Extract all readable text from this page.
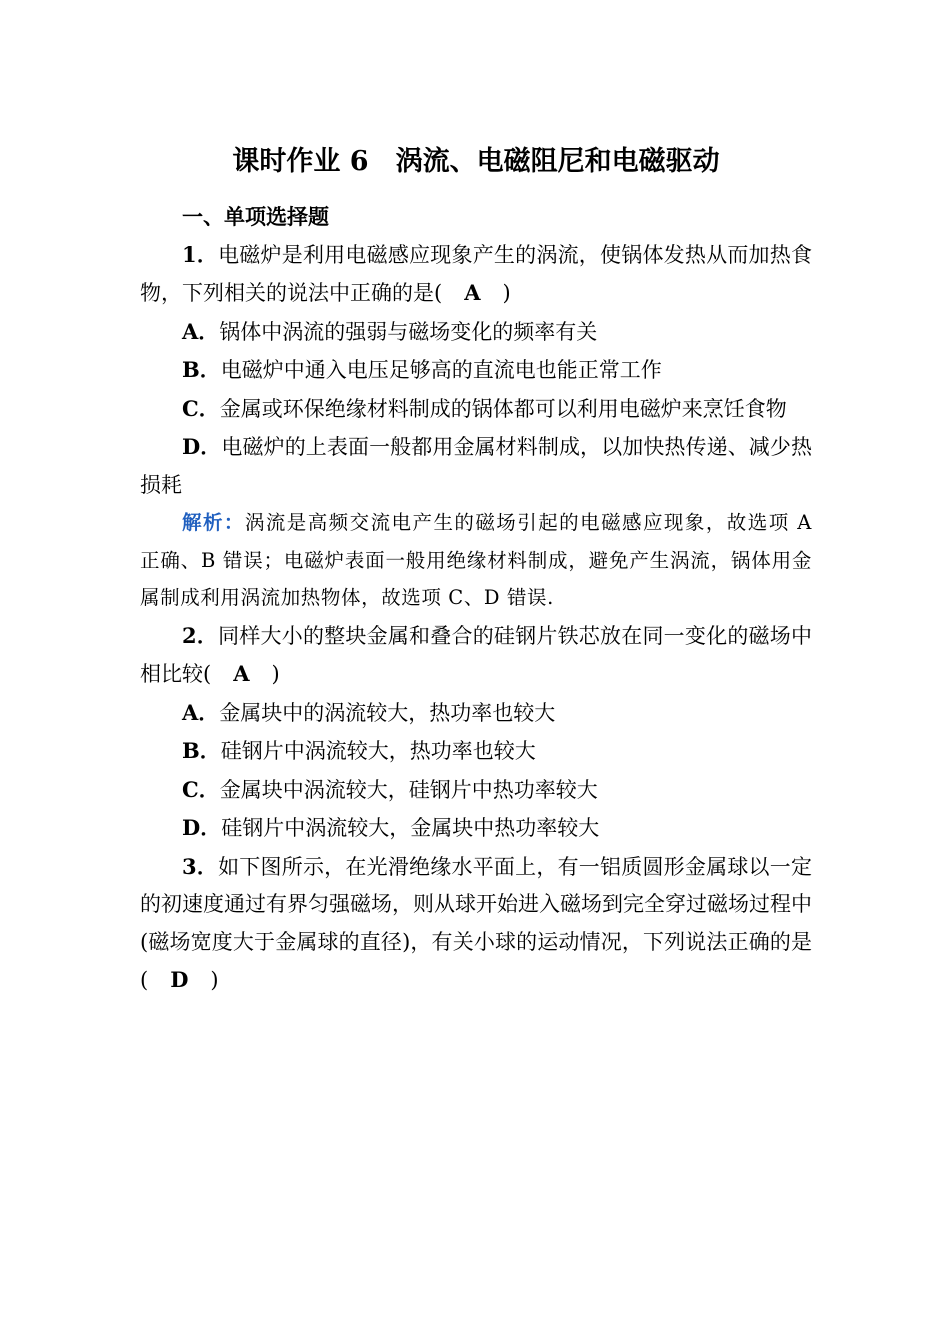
课时作业 6　涡流、电磁阻尼和电磁驱动

一、单项选择题

1．电磁炉是利用电磁感应现象产生的涡流，使锅体发热从而加热食物，下列相关的说法中正确的是( A )

A．锅体中涡流的强弱与磁场变化的频率有关

B．电磁炉中通入电压足够高的直流电也能正常工作

C．金属或环保绝缘材料制成的锅体都可以利用电磁炉来烹饪食物

D．电磁炉的上表面一般都用金属材料制成，以加快热传递、减少热损耗

解析：涡流是高频交流电产生的磁场引起的电磁感应现象，故选项 A 正确、B 错误；电磁炉表面一般用绝缘材料制成，避免产生涡流，锅体用金属制成利用涡流加热物体，故选项 C、D 错误.

2．同样大小的整块金属和叠合的硅钢片铁芯放在同一变化的磁场中相比较( A )

A．金属块中的涡流较大，热功率也较大

B．硅钢片中涡流较大，热功率也较大

C．金属块中涡流较大，硅钢片中热功率较大

D．硅钢片中涡流较大，金属块中热功率较大

3．如下图所示，在光滑绝缘水平面上，有一铝质圆形金属球以一定的初速度通过有界匀强磁场，则从球开始进入磁场到完全穿过磁场过程中(磁场宽度大于金属球的直径)，有关小球的运动情况，下列说法正确的是( D )
